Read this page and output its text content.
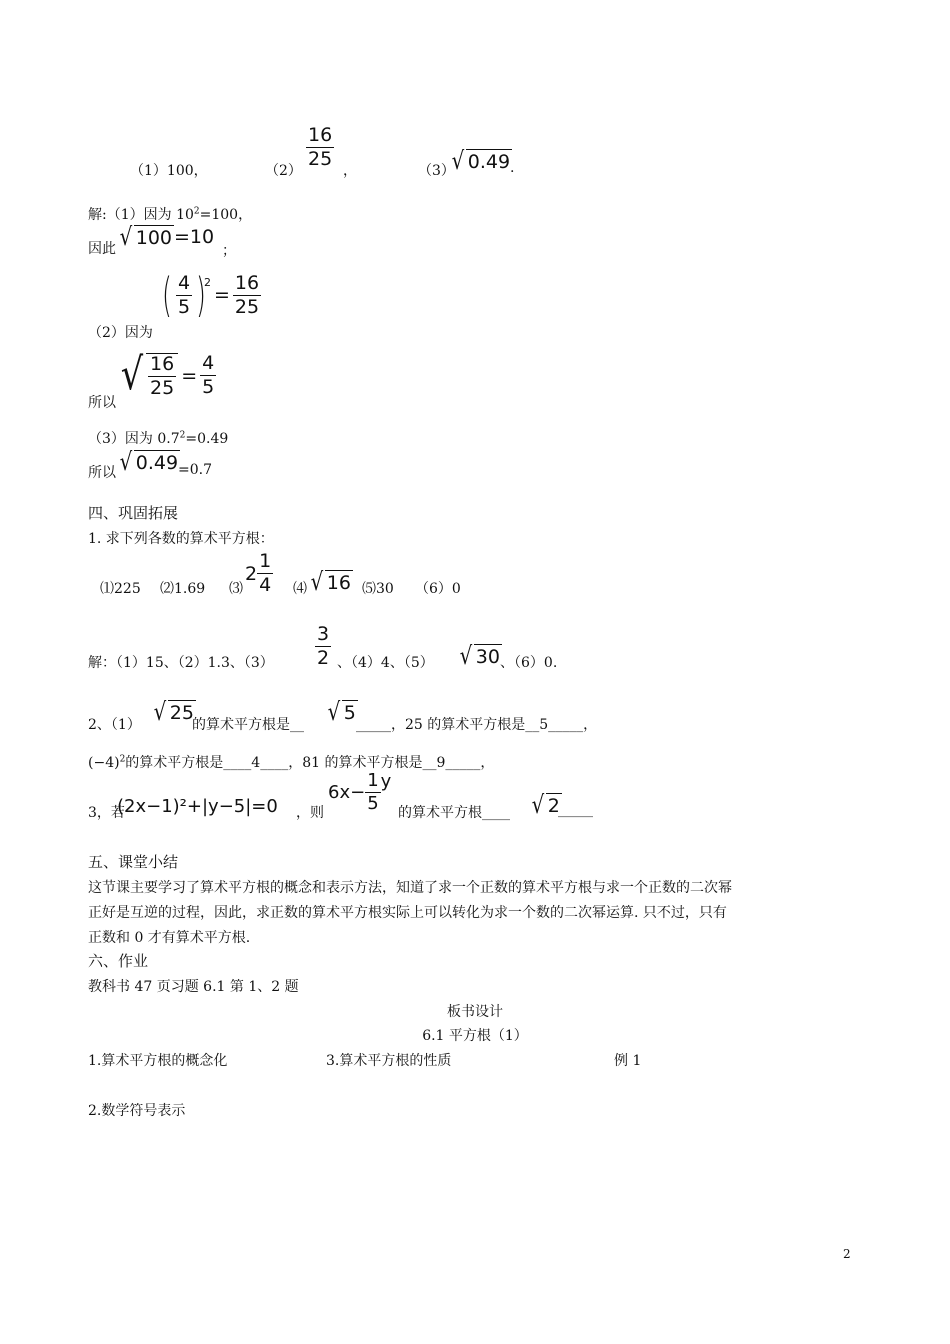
（1）100，	（2）
$\frac{16}{25}$
，	（3）
√ 0.49 .
解:（1）因为 $10^2=100$，
因此 √ 100 =10
；
（2）因为
( $\frac{4}{5}$ )
2
= $\frac{16}{25}$
所以
√ $\frac{16}{25} = \frac{4}{5}$
（3）因为 $0.7^2=0.49$
所以 √ 0.49 =0.7
四、巩固拓展
1. 求下列各数的算术平方根：
⑴225 ⑵1.69 ⑶
$2 \frac{1}{4}$ ⑷ √ 16 ⑸30 （6）0
解：（1）15、（2）1.3、$(3) \frac{3}{2}$ 、（4）4、（5） √ 30 、（6）0.
2、（1） √ 25
的算术平方根是__ √ 5
_____，25 的算术平方根是__5_____，
$(-4)^2$的算术平方根是____4____，81 的算术平方根是__9_____，
3，若
(2x−1)²+|y−5|=0 ，则
$6x- \frac{1}{5}$ y
的算术平方根____ √ 2
_____
五、课堂小结
这节课主要学习了算术平方根的概念和表示方法，知道了求一个正数的算术平方根与求一个正数的二次幂
正好是互逆的过程，因此，求正数的算术平方根实际上可以转化为求一个数的二次幂运算. 只不过，只有
正数和 0 才有算术平方根.
六、作业
教科书 47 页习题 6.1 第 1、2 题
板书设计
6.1 平方根（1）
1.算术平方根的概念化	3.算术平方根的性质	例 1
2.数学符号表示
2
